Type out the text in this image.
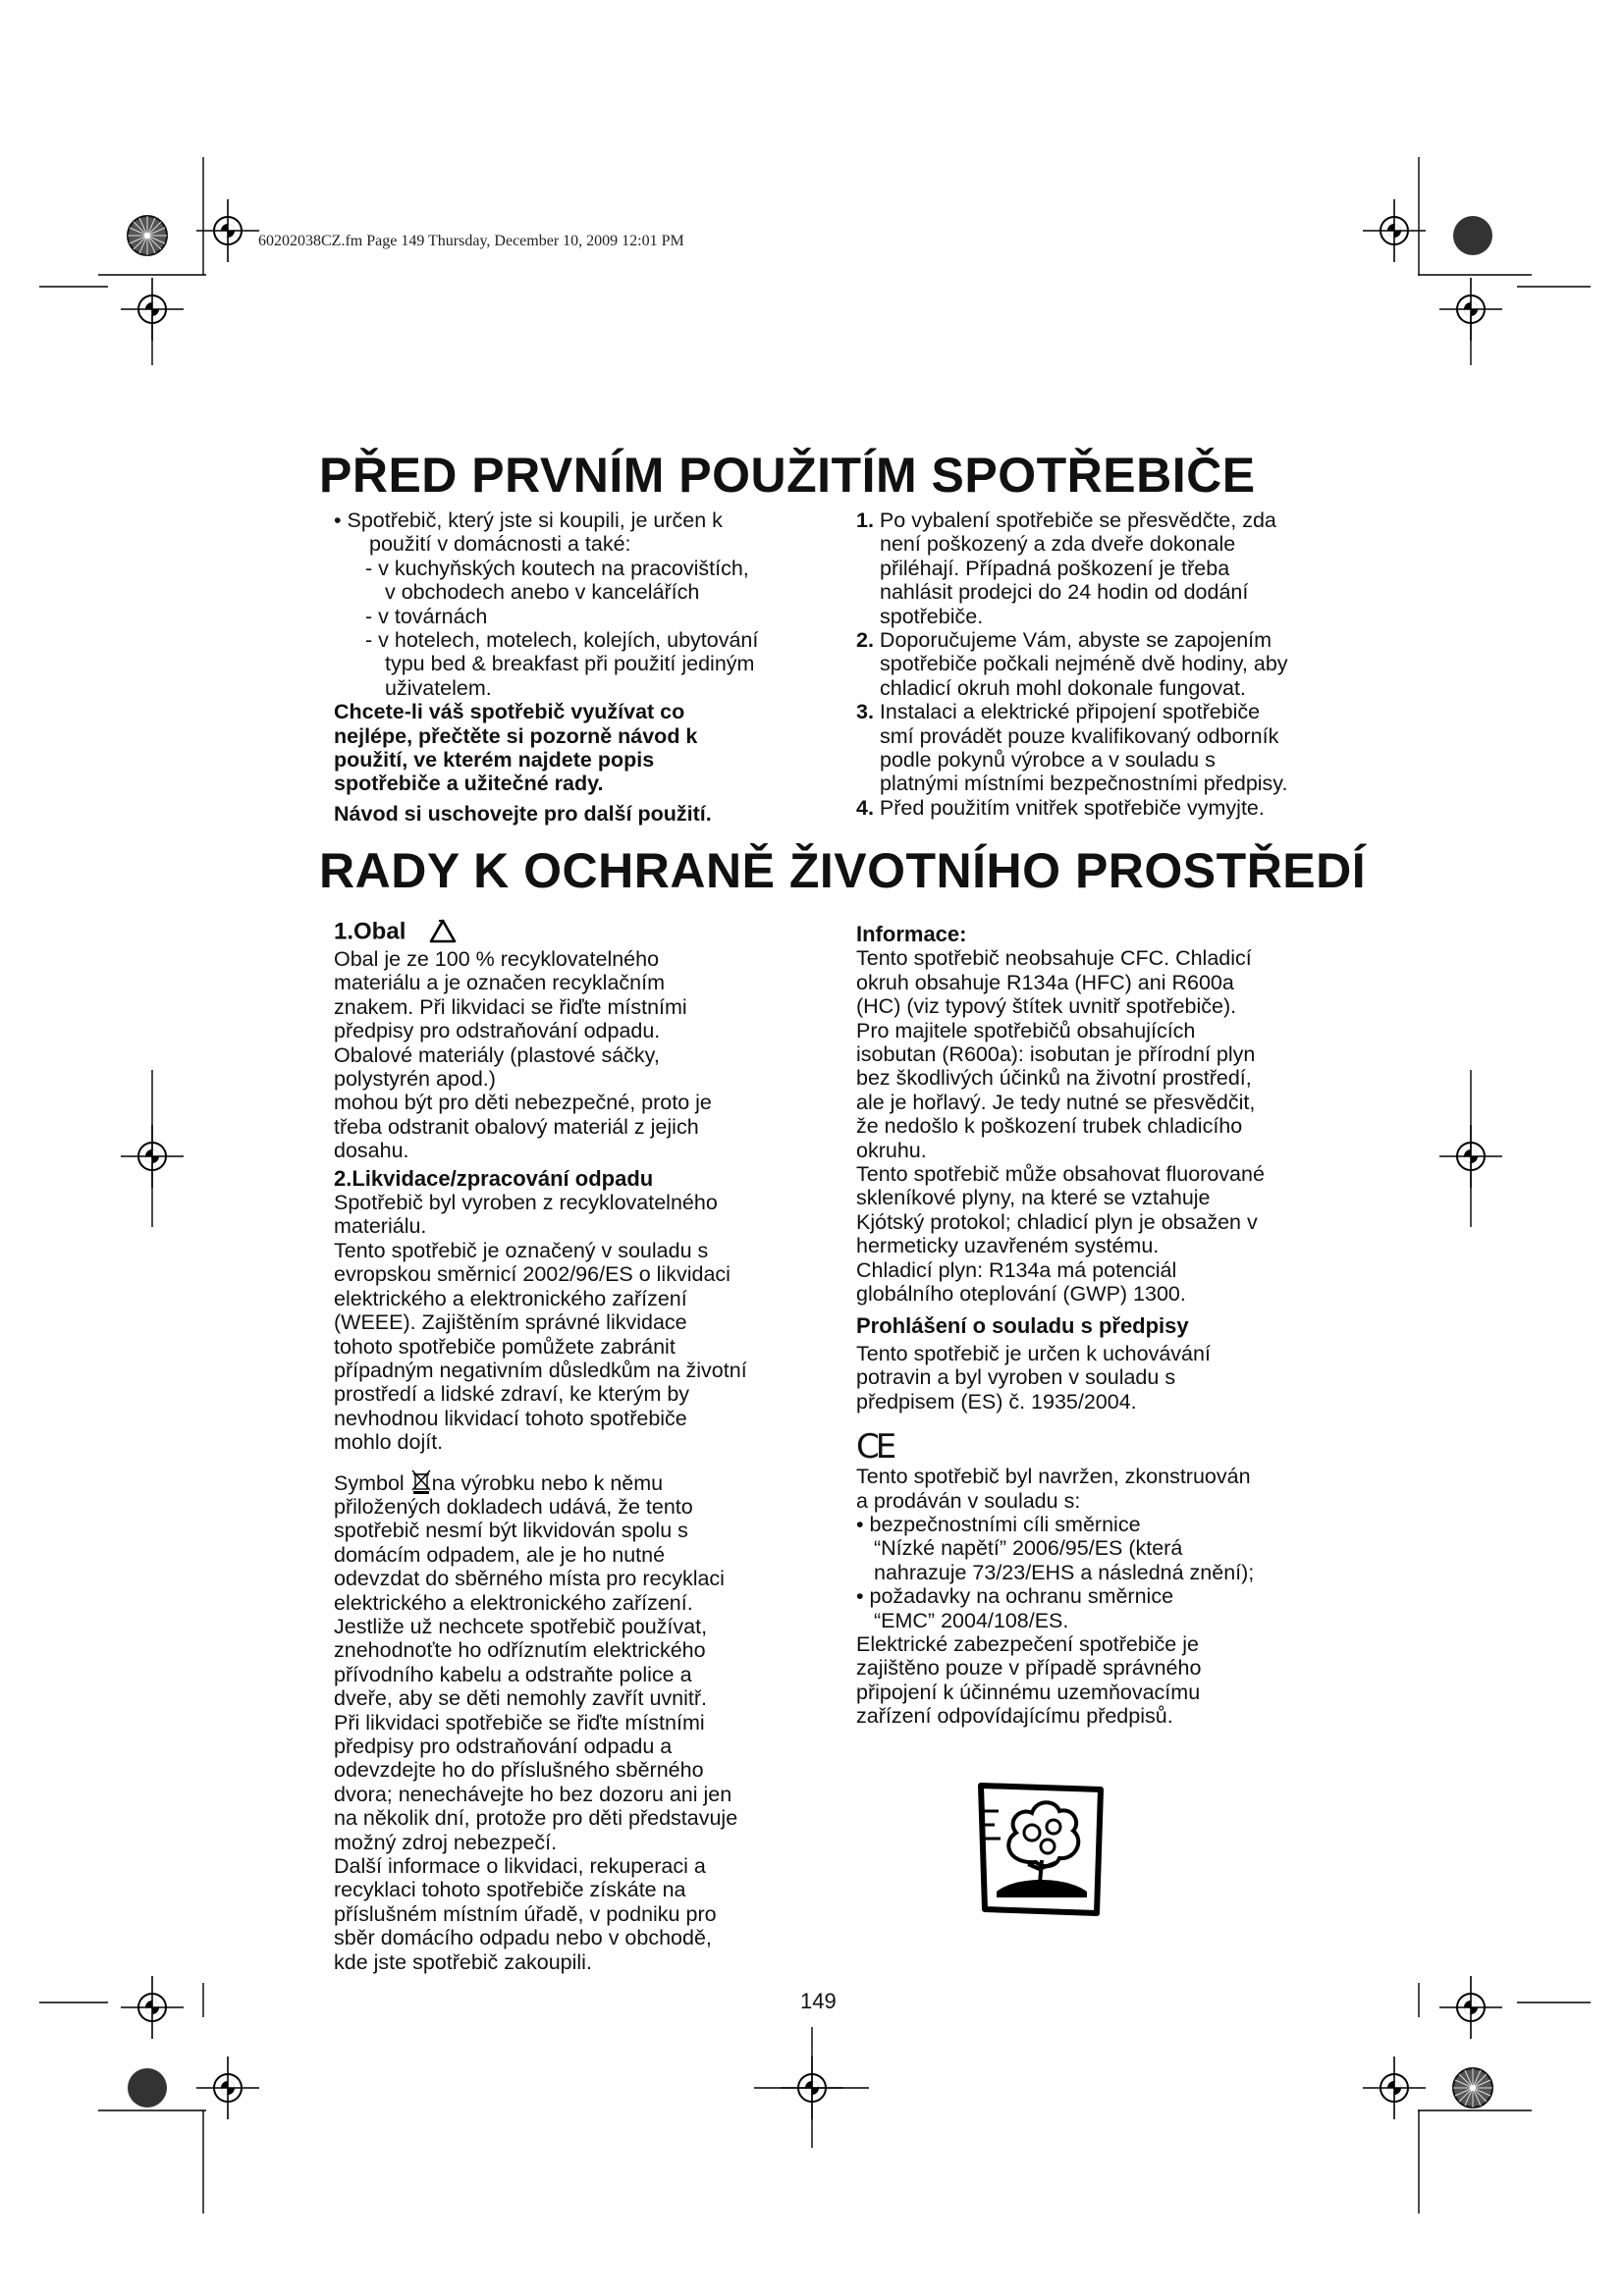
60202038CZ.fm Page 149 Thursday, December 10, 2009 12:01 PM
PŘED PRVNÍM POUŽITÍM SPOTŘEBIČE

• Spotřebič, který jste si koupili, je určen k
použití v domácnosti a také:

- v kuchyňských koutech na pracovištích,
v obchodech anebo v kancelářích

- v továrnách

- v hotelech, motelech, kolejích, ubytování
typu bed & breakfast při použití jediným
uživatelem.

Chcete-li váš spotřebič využívat co
nejlépe, přečtěte si pozorně návod k
použití, ve kterém najdete popis
spotřebiče a užitečné rady.

Návod si uschovejte pro další použití.

1. Po vybalení spotřebiče se přesvědčte, zda
není poškozený a zda dveře dokonale
přiléhají. Případná poškození je třeba
nahlásit prodejci do 24 hodin od dodání
spotřebiče.

2. Doporučujeme Vám, abyste se zapojením
spotřebiče počkali nejméně dvě hodiny, aby
chladicí okruh mohl dokonale fungovat.

3. Instalaci a elektrické připojení spotřebiče
smí provádět pouze kvalifikovaný odborník
podle pokynů výrobce a v souladu s
platnými místními bezpečnostními předpisy.

4. Před použitím vnitřek spotřebiče vymyjte.

RADY K OCHRANĚ ŽIVOTNÍHO PROSTŘEDÍ

1.Obal

Obal je ze 100 % recyklovatelného
materiálu a je označen recyklačním
znakem. Při likvidaci se řiďte místními
předpisy pro odstraňování odpadu.
Obalové materiály (plastové sáčky,
polystyrén apod.)
mohou být pro děti nebezpečné, proto je
třeba odstranit obalový materiál z jejich
dosahu.

2.Likvidace/zpracování odpadu

Spotřebič byl vyroben z recyklovatelného
materiálu.
Tento spotřebič je označený v souladu s
evropskou směrnicí 2002/96/ES o likvidaci
elektrického a elektronického zařízení
(WEEE). Zajištěním správné likvidace
tohoto spotřebiče pomůžete zabránit
případným negativním důsledkům na životní
prostředí a lidské zdraví, ke kterým by
nevhodnou likvidací tohoto spotřebiče
mohlo dojít.

Symbol na výrobku nebo k němu
přiložených dokladech udává, že tento
spotřebič nesmí být likvidován spolu s
domácím odpadem, ale je ho nutné
odevzdat do sběrného místa pro recyklaci
elektrického a elektronického zařízení.
Jestliže už nechcete spotřebič používat,
znehodnoťte ho odříznutím elektrického
přívodního kabelu a odstraňte police a
dveře, aby se děti nemohly zavřít uvnitř.
Při likvidaci spotřebiče se řiďte místními
předpisy pro odstraňování odpadu a
odevzdejte ho do příslušného sběrného
dvora; nenechávejte ho bez dozoru ani jen
na několik dní, protože pro děti představuje
možný zdroj nebezpečí.
Další informace o likvidaci, rekuperaci a
recyklaci tohoto spotřebiče získáte na
příslušném místním úřadě, v podniku pro
sběr domácího odpadu nebo v obchodě,
kde jste spotřebič zakoupili.

Informace:

Tento spotřebič neobsahuje CFC. Chladicí
okruh obsahuje R134a (HFC) ani R600a
(HC) (viz typový štítek uvnitř spotřebiče).
Pro majitele spotřebičů obsahujících
isobutan (R600a): isobutan je přírodní plyn
bez škodlivých účinků na životní prostředí,
ale je hořlavý. Je tedy nutné se přesvědčit,
že nedošlo k poškození trubek chladicího
okruhu.
Tento spotřebič může obsahovat fluorované
skleníkové plyny, na které se vztahuje
Kjótský protokol; chladicí plyn je obsažen v
hermeticky uzavřeném systému.
Chladicí plyn: R134a má potenciál
globálního oteplování (GWP) 1300.

Prohlášení o souladu s předpisy

Tento spotřebič je určen k uchovávání
potravin a byl vyroben v souladu s
předpisem (ES) č. 1935/2004.

CE

Tento spotřebič byl navržen, zkonstruován
a prodáván v souladu s:

• bezpečnostními cíli směrnice
“Nízké napětí” 2006/95/ES (která
nahrazuje 73/23/EHS a následná znění);

• požadavky na ochranu směrnice
“EMC” 2004/108/ES.

Elektrické zabezpečení spotřebiče je
zajištěno pouze v případě správného
připojení k účinnému uzemňovacímu
zařízení odpovídajícímu předpisů.

149
